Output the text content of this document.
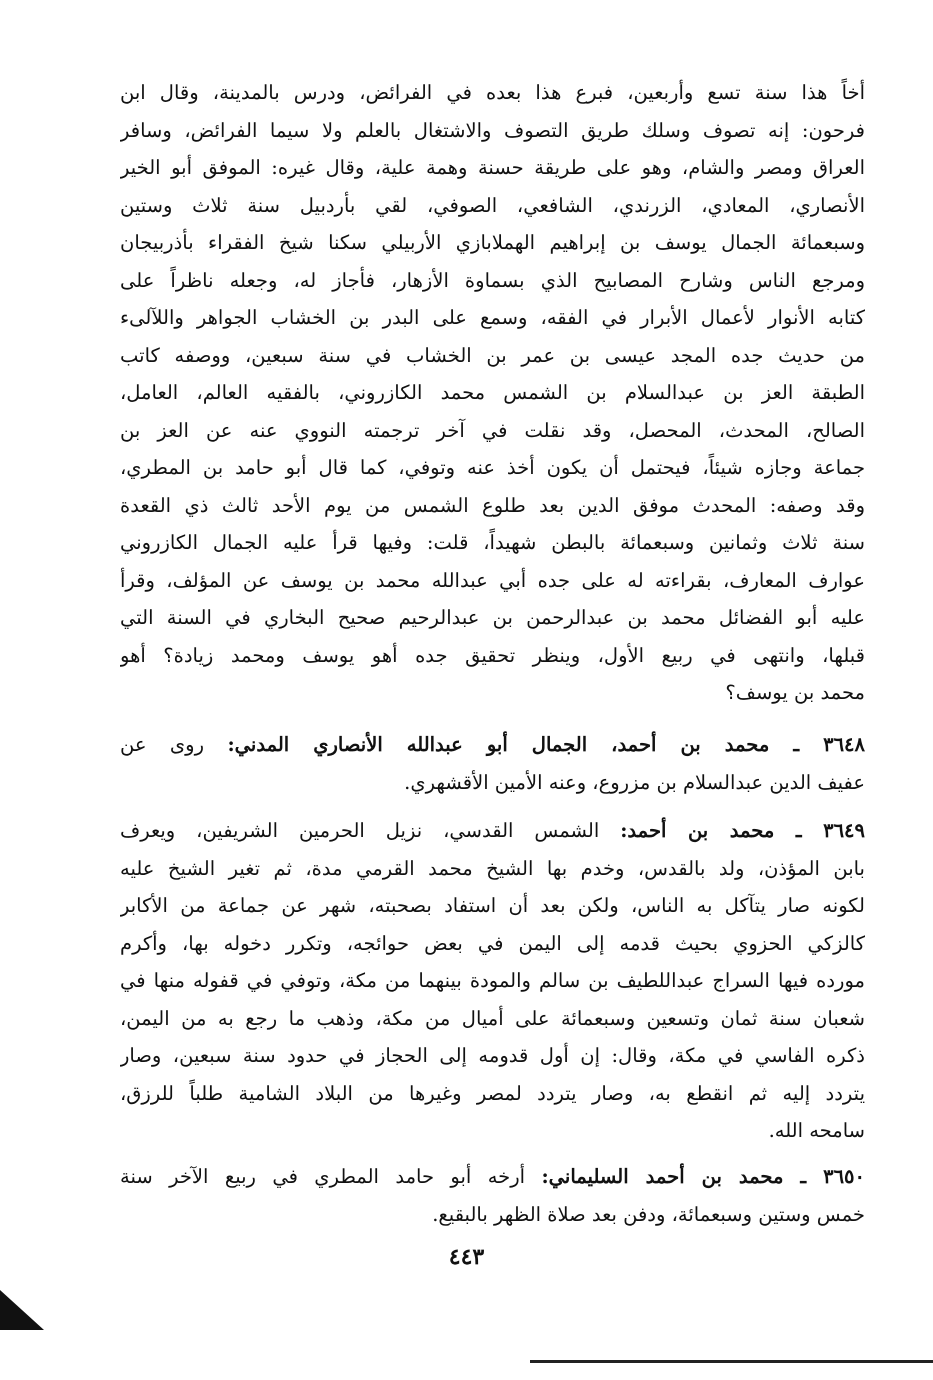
أخاً هذا سنة تسع وأربعين، فبرع هذا بعده في الفرائض، ودرس بالمدينة، وقال ابن
فرحون: إنه تصوف وسلك طريق التصوف والاشتغال بالعلم ولا سيما الفرائض، وسافر
العراق ومصر والشام، وهو على طريقة حسنة وهمة علية، وقال غيره: الموفق أبو الخير
الأنصاري، المعادي، الزرندي، الشافعي، الصوفي، لقي بأردبيل سنة ثلاث وستين
وسبعمائة الجمال يوسف بن إبراهيم الهملابازي الأربيلي سكنا شيخ الفقراء بأذربيجان
ومرجع الناس وشارح المصابيح الذي بسماوة الأزهار، فأجاز له، وجعله ناظراً على
كتابه الأنوار لأعمال الأبرار في الفقه، وسمع على البدر بن الخشاب الجواهر واللآلىء
من حديث جده المجد عيسى بن عمر بن الخشاب في سنة سبعين، ووصفه كاتب
الطبقة العز بن عبدالسلام بن الشمس محمد الكازروني، بالفقيه العالم، العامل،
الصالح، المحدث، المحصل، وقد نقلت في آخر ترجمته النووي عنه عن العز بن
جماعة وجازه شيئاً، فيحتمل أن يكون أخذ عنه وتوفي، كما قال أبو حامد بن المطري،
وقد وصفه: المحدث موفق الدين بعد طلوع الشمس من يوم الأحد ثالث ذي القعدة
سنة ثلاث وثمانين وسبعمائة بالبطن شهيداً، قلت: وفيها قرأ عليه الجمال الكازروني
عوارف المعارف، بقراءته له على جده أبي عبدالله محمد بن يوسف عن المؤلف، وقرأ
عليه أبو الفضائل محمد بن عبدالرحمن بن عبدالرحيم صحيح البخاري في السنة التي
قبلها، وانتهى في ربيع الأول، وينظر تحقيق جده أهو يوسف ومحمد زيادة؟ أهو
محمد بن يوسف؟
٣٦٤٨ ـ محمد بن أحمد، الجمال أبو عبدالله الأنصاري المدني: روى عن
عفيف الدين عبدالسلام بن مزروع، وعنه الأمين الأقشهري.
٣٦٤٩ ـ محمد بن أحمد: الشمس القدسي، نزيل الحرمين الشريفين، ويعرف
بابن المؤذن، ولد بالقدس، وخدم بها الشيخ محمد القرمي مدة، ثم تغير الشيخ عليه
لكونه صار يتآكل به الناس، ولكن بعد أن استفاد بصحبته، شهر عن جماعة من الأكابر
كالزكي الحزوي بحيث قدمه إلى اليمن في بعض حوائجه، وتكرر دخوله بها، وأكرم
مورده فيها السراج عبداللطيف بن سالم والمودة بينهما من مكة، وتوفي في قفوله منها في
شعبان سنة ثمان وتسعين وسبعمائة على أميال من مكة، وذهب ما رجع به من اليمن،
ذكره الفاسي في مكة، وقال: إن أول قدومه إلى الحجاز في حدود سنة سبعين، وصار
يتردد إليه ثم انقطع به، وصار يتردد لمصر وغيرها من البلاد الشامية طلباً للرزق،
سامحه الله.
٣٦٥٠ ـ محمد بن أحمد السليماني: أرخه أبو حامد المطري في ربيع الآخر سنة
خمس وستين وسبعمائة، ودفن بعد صلاة الظهر بالبقيع.
٤٤٣
